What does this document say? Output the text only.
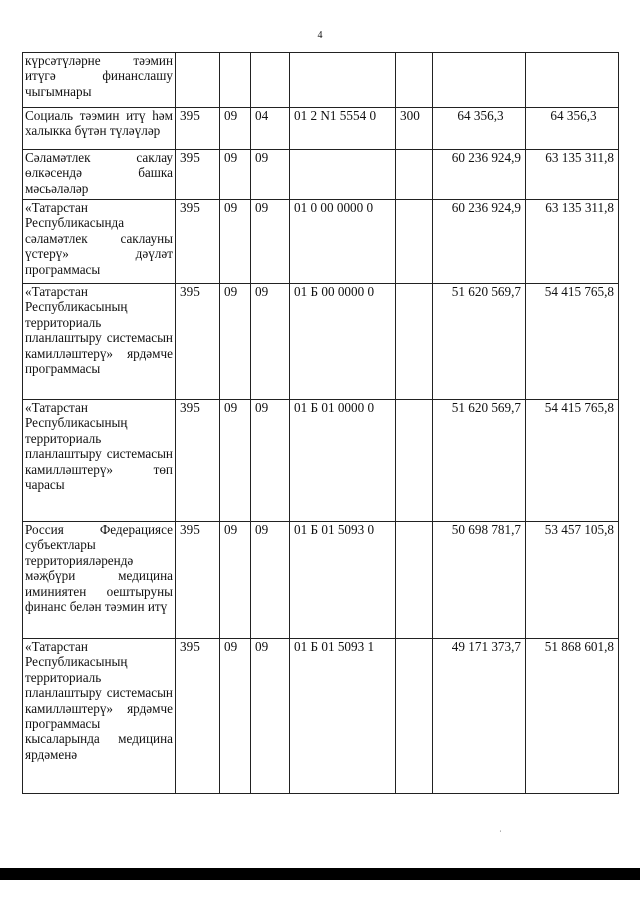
4
күрсәтүләрне тәэмин итүгә финанслашу чыгымнары							
Социаль тәэмин итү һәм халыкка бүтән түләүләр	395	09	04	01 2 N1 5554 0	300	64 356,3	64 356,3
Сәламәтлек саклау өлкәсендә башка мәсьәләләр	395	09	09			60 236 924,9	63 135 311,8
«Татарстан Республикасында сәламәтлек саклауны үстерү» дәүләт программасы	395	09	09	01 0 00 0000 0		60 236 924,9	63 135 311,8
«Татарстан Республикасының территориаль планлаштыру системасын камилләштерү» ярдәмче программасы	395	09	09	01 Б 00 0000 0		51 620 569,7	54 415 765,8
«Татарстан Республикасының территориаль планлаштыру системасын камилләштерү» төп чарасы	395	09	09	01 Б 01 0000 0		51 620 569,7	54 415 765,8
Россия Федерациясе субъектлары территорияләрендә мәҗбүри медицина иминиятен оештыруны финанс белән тәэмин итү	395	09	09	01 Б 01 5093 0		50 698 781,7	53 457 105,8
«Татарстан Республикасының территориаль планлаштыру системасын камилләштерү» ярдәмче программасы кысаларында медицина ярдәменә	395	09	09	01 Б 01 5093 1		49 171 373,7	51 868 601,8
˙
